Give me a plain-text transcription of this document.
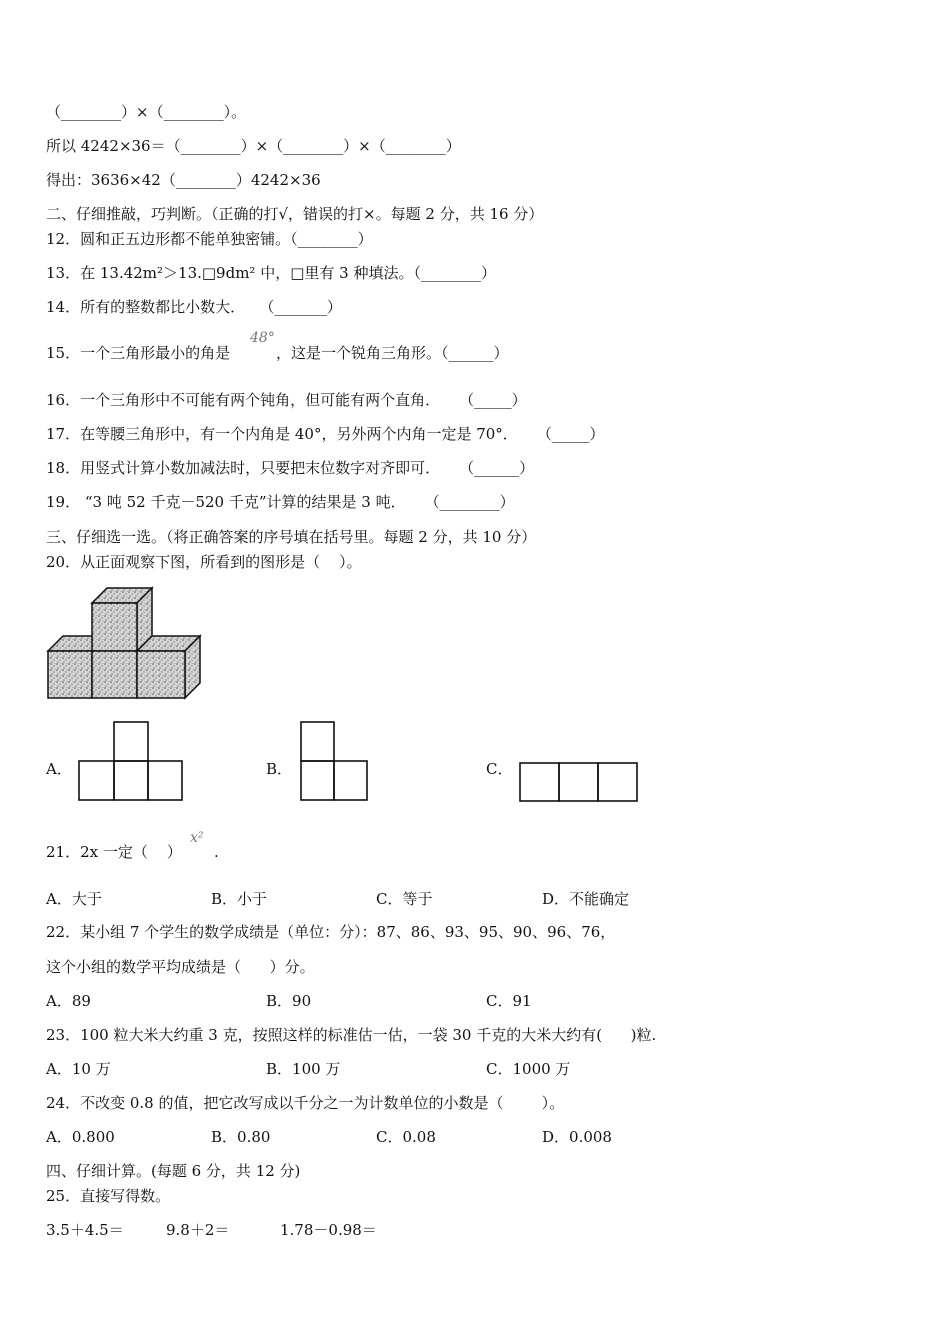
（________）×（________）。
所以 4242×36＝（________）×（________）×（________）
得出：3636×42（________）4242×36
二、仔细推敲，巧判断。（正确的打√，错误的打×。每题 2 分，共 16 分）
12．圆和正五边形都不能单独密铺。（________）
13．在 13.42m²＞13.□9dm² 中，□里有 3 种填法。（________）
14．所有的整数都比小数大．   （_______）
15．一个三角形最小的角是
48°
，这是一个锐角三角形。（______）
16．一个三角形中不可能有两个钝角，但可能有两个直角．    （_____）
17．在等腰三角形中，有一个内角是 40°，另外两个内角一定是 70°．    （_____）
18．用竖式计算小数加减法时，只要把末位数字对齐即可．    （______）
19． “3 吨 52 千克－520 千克”计算的结果是 3 吨．    （________）
三、仔细选一选。（将正确答案的序号填在括号里。每题 2 分，共 10 分）
20．从正面观察下图，所看到的图形是（    ）。
A．	B．	C．
21．2x 一定（    ）
x²
.
A．大于	B．小于	C．等于	D．不能确定
22．某小组 7 个学生的数学成绩是（单位：分）：87、86、93、95、90、96、76，
这个小组的数学平均成绩是（      ）分。
A．89	B．90	C．91
23．100 粒大米大约重 3 克，按照这样的标准估一估，一袋 30 千克的大米大约有(      )粒.
A．10 万	B．100 万	C．1000 万
24．不改变 0.8 的值，把它改写成以千分之一为计数单位的小数是（        ）。
A．0.800	B．0.80	C．0.08	D．0.008
四、仔细计算。(每题 6 分，共 12 分)
25．直接写得数。
3.5＋4.5＝	9.8＋2＝	1.78－0.98＝
